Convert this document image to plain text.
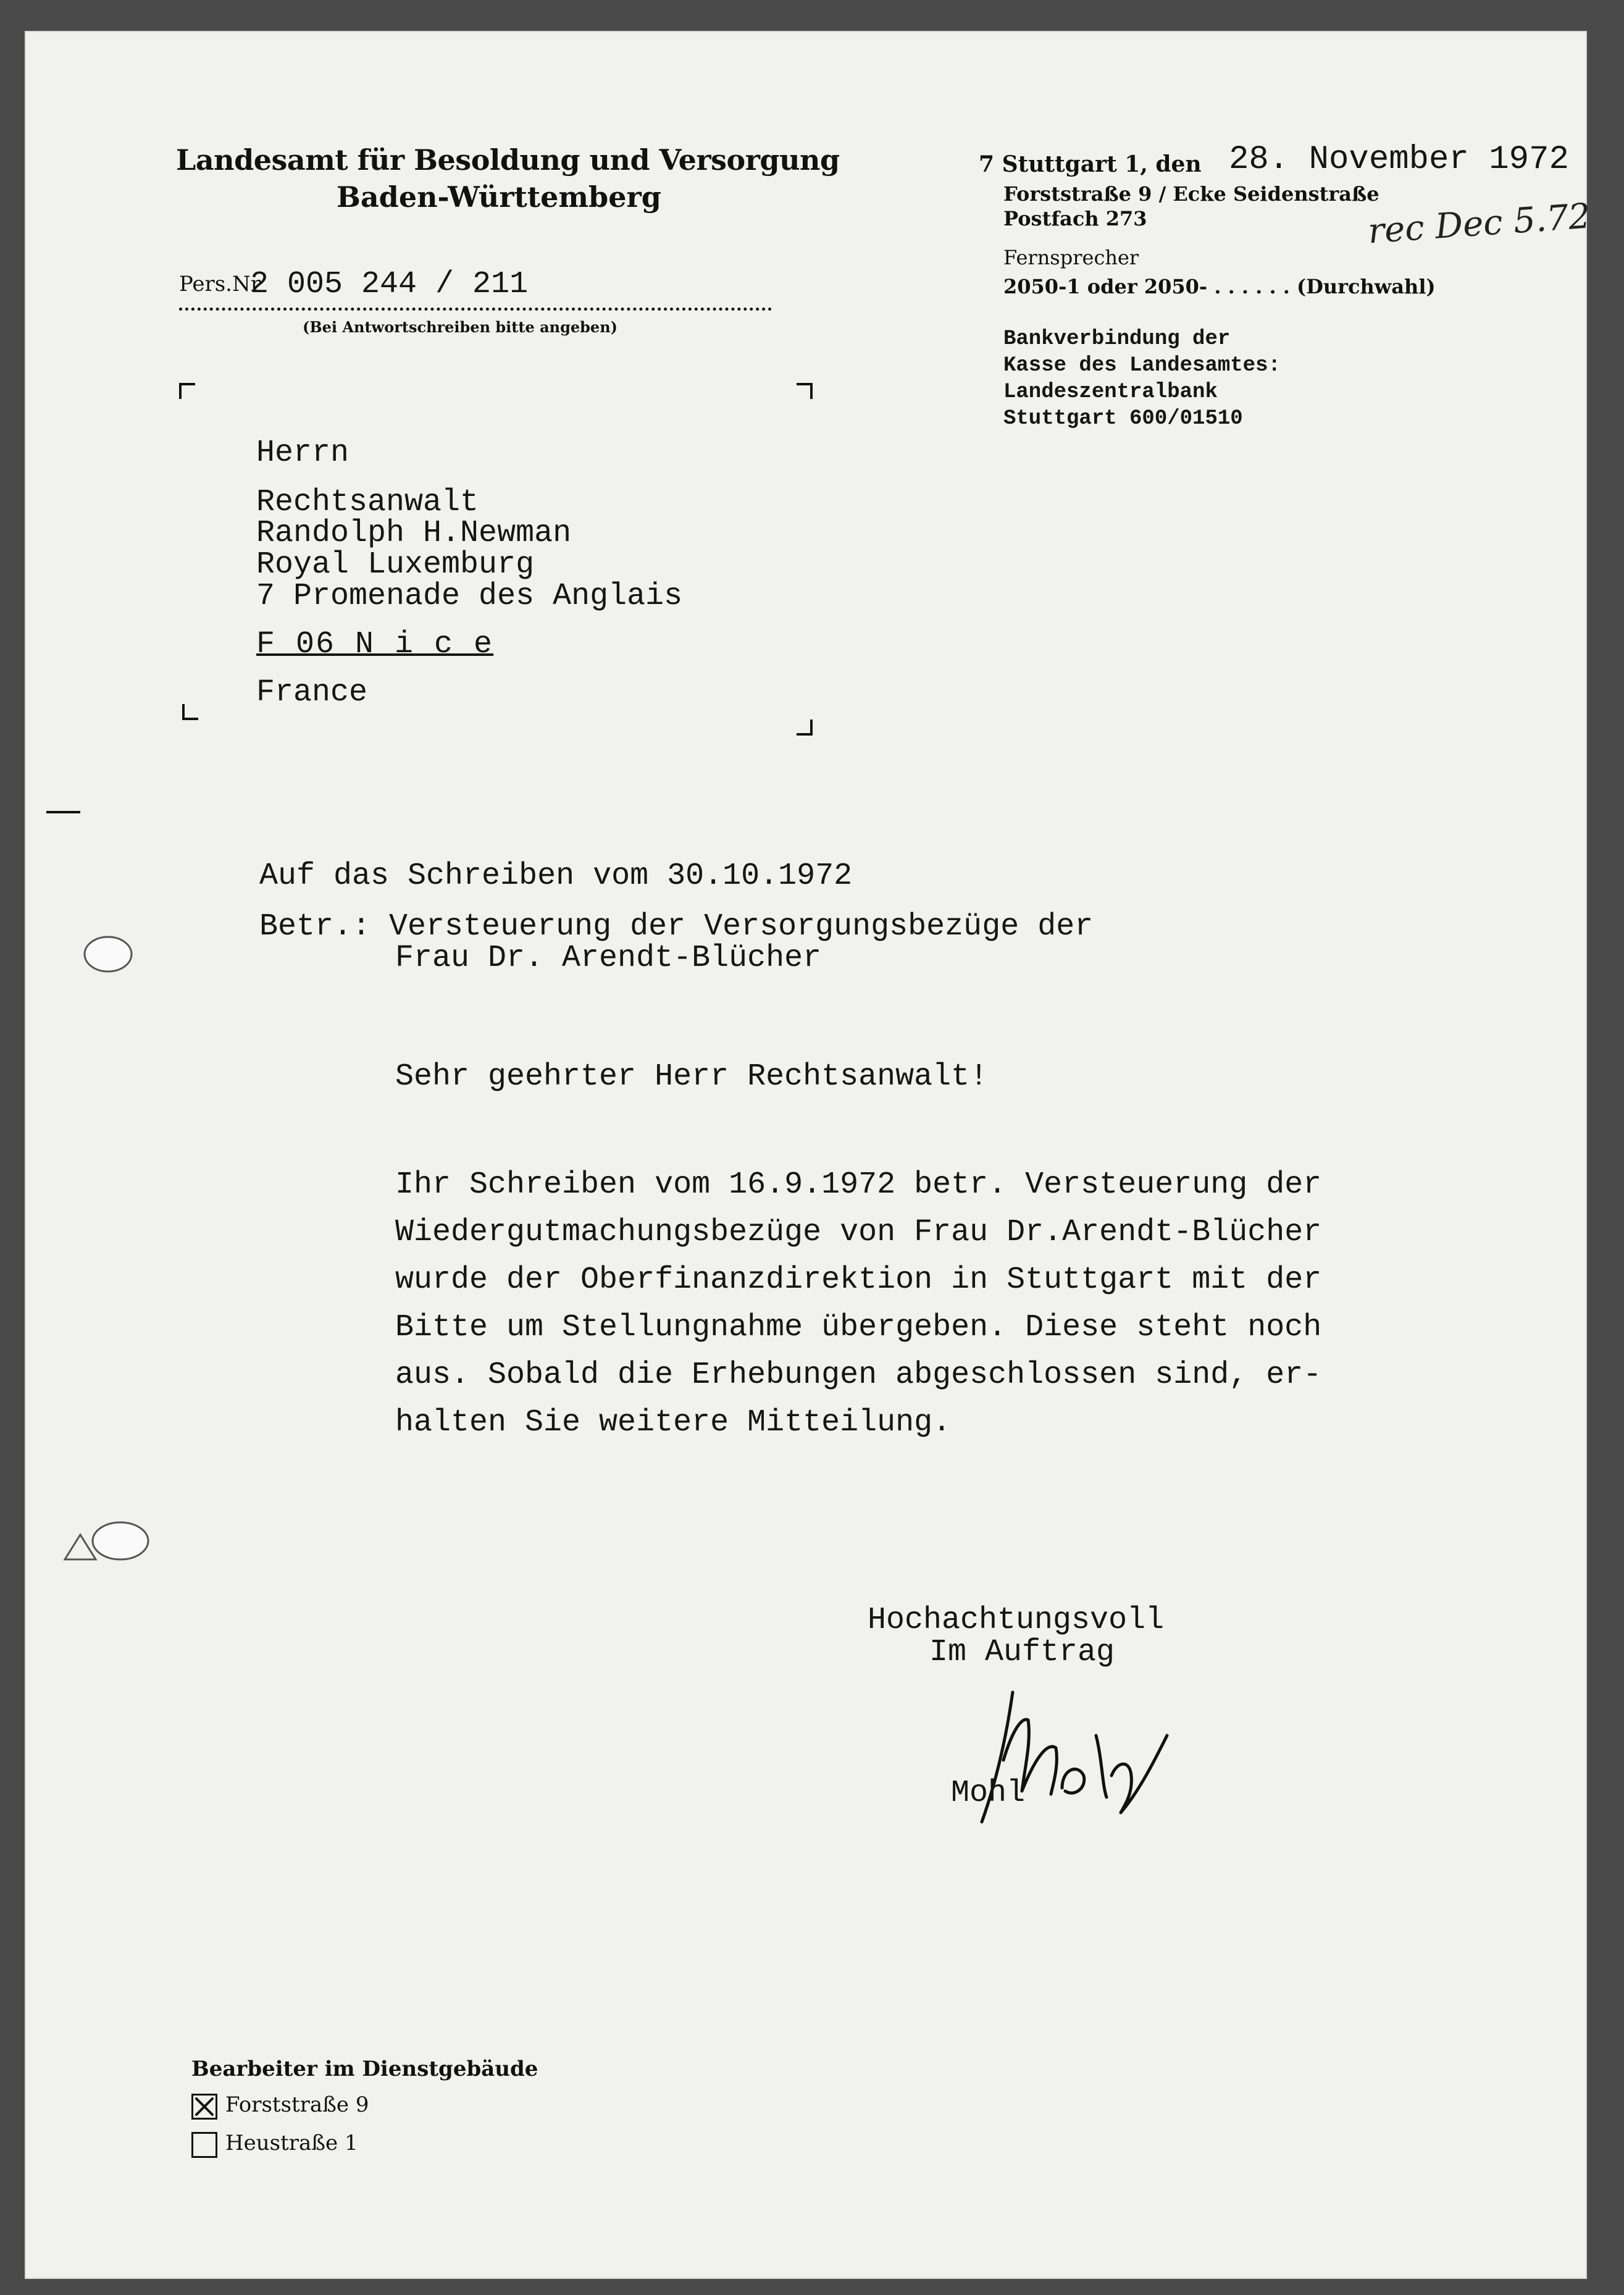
Landesamt für Besoldung und Versorgung
Baden-Württemberg
Pers.Nr
2 005 244 / 211
(Bei Antwortschreiben bitte angeben)
7 Stuttgart 1, den 28. November 1972
Forststraße 9 / Ecke Seidenstraße
Postfach 273
Fernsprecher
2050-1 oder 2050- . . . . . . (Durchwahl)
Bankverbindung der
Kasse des Landesamtes:
Landeszentralbank
Stuttgart 600/01510
rec Dec 5.72
Herrn
Rechtsanwalt
Randolph H.Newman
Royal Luxemburg
7 Promenade des Anglais
F 06 N i c e
France
Auf das Schreiben vom 30.10.1972
Betr.: Versteuerung der Versorgungsbezüge der
Frau Dr. Arendt-Blücher
Sehr geehrter Herr Rechtsanwalt!
Ihr Schreiben vom 16.9.1972 betr. Versteuerung der
Wiedergutmachungsbezüge von Frau Dr.Arendt-Blücher
wurde der Oberfinanzdirektion in Stuttgart mit der
Bitte um Stellungnahme übergeben. Diese steht noch
aus. Sobald die Erhebungen abgeschlossen sind, er-
halten Sie weitere Mitteilung.
Hochachtungsvoll
Im Auftrag
Mohl
Bearbeiter im Dienstgebäude
Forststraße 9
Heustraße 1
